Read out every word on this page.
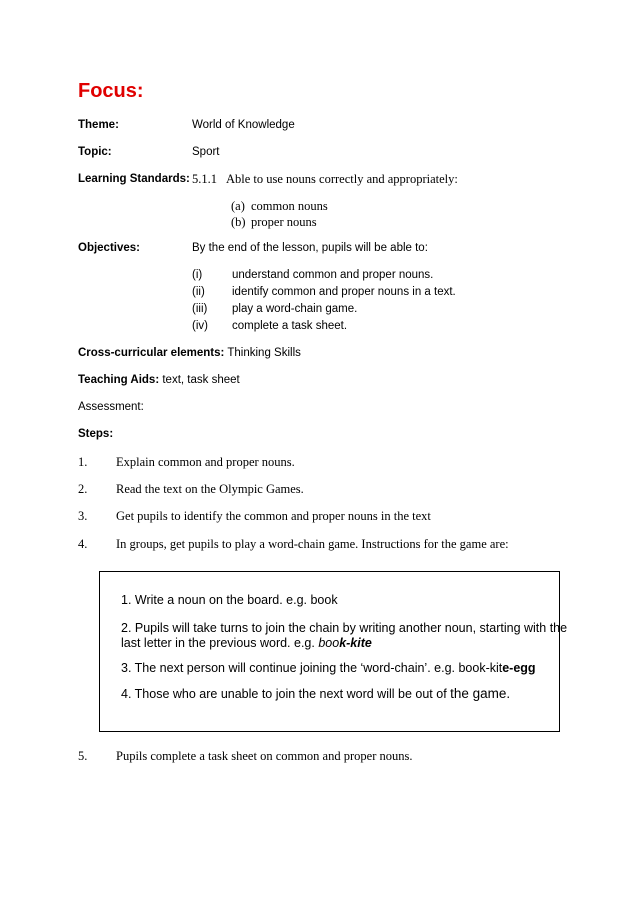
Focus:
Theme:	World of Knowledge
Topic:	Sport
Learning Standards: 5.1.1 Able to use nouns correctly and appropriately:
(a) common nouns
(b) proper nouns
Objectives:	By the end of the lesson, pupils will be able to:
(i)	understand common and proper nouns.
(ii) identify common and proper nouns in a text.
(iii) play a word-chain game.
(iv) complete a task sheet.
Cross-curricular elements: Thinking Skills
Teaching Aids: text, task sheet
Assessment:
Steps:
1. Explain common and proper nouns.
2. Read the text on the Olympic Games.
3. Get pupils to identify the common and proper nouns in the text
4. In groups, get pupils to play a word-chain game. Instructions for the game are:
1. Write a noun on the board. e.g. book
2. Pupils will take turns to join the chain by writing another noun, starting with the
last letter in the previous word. e.g. book-kite
3. The next person will continue joining the ‘word-chain’. e.g. book-kite-egg
4. Those who are unable to join the next word will be out of the game.
5. Pupils complete a task sheet on common and proper nouns.
